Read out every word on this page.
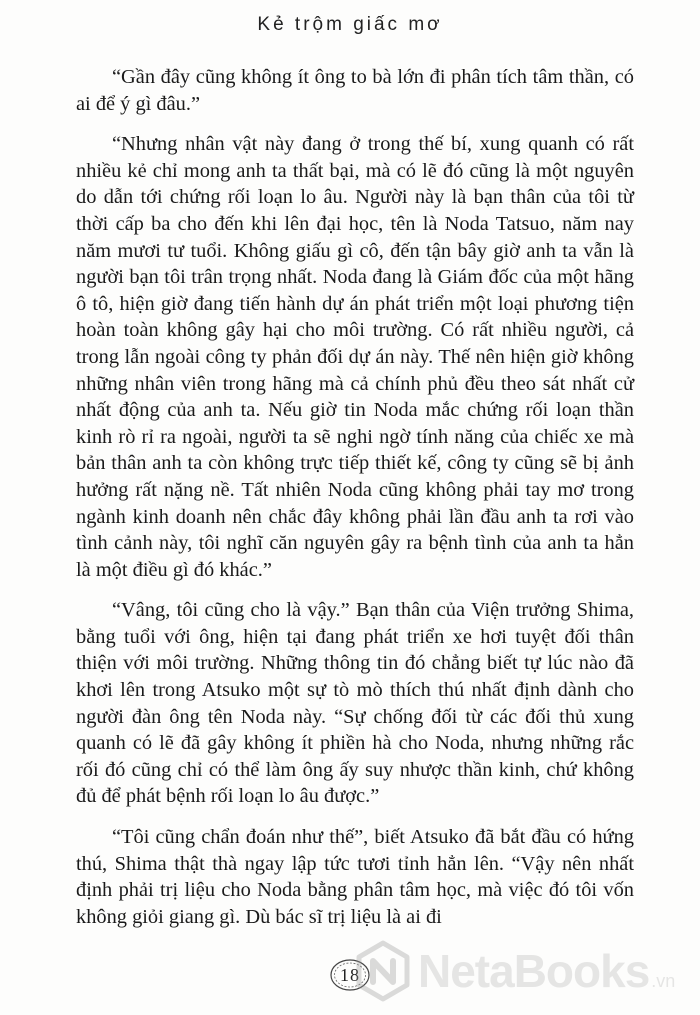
Kẻ trộm giấc mơ

“Gần đây cũng không ít ông to bà lớn đi phân tích tâm thần, có ai để ý gì đâu.”

“Nhưng nhân vật này đang ở trong thế bí, xung quanh có rất nhiều kẻ chỉ mong anh ta thất bại, mà có lẽ đó cũng là một nguyên do dẫn tới chứng rối loạn lo âu. Người này là bạn thân của tôi từ thời cấp ba cho đến khi lên đại học, tên là Noda Tatsuo, năm nay năm mươi tư tuổi. Không giấu gì cô, đến tận bây giờ anh ta vẫn là người bạn tôi trân trọng nhất. Noda đang là Giám đốc của một hãng ô tô, hiện giờ đang tiến hành dự án phát triển một loại phương tiện hoàn toàn không gây hại cho môi trường. Có rất nhiều người, cả trong lẫn ngoài công ty phản đối dự án này. Thế nên hiện giờ không những nhân viên trong hãng mà cả chính phủ đều theo sát nhất cử nhất động của anh ta. Nếu giờ tin Noda mắc chứng rối loạn thần kinh rò rỉ ra ngoài, người ta sẽ nghi ngờ tính năng của chiếc xe mà bản thân anh ta còn không trực tiếp thiết kế, công ty cũng sẽ bị ảnh hưởng rất nặng nề. Tất nhiên Noda cũng không phải tay mơ trong ngành kinh doanh nên chắc đây không phải lần đầu anh ta rơi vào tình cảnh này, tôi nghĩ căn nguyên gây ra bệnh tình của anh ta hẳn là một điều gì đó khác.”

“Vâng, tôi cũng cho là vậy.” Bạn thân của Viện trưởng Shima, bằng tuổi với ông, hiện tại đang phát triển xe hơi tuyệt đối thân thiện với môi trường. Những thông tin đó chẳng biết tự lúc nào đã khơi lên trong Atsuko một sự tò mò thích thú nhất định dành cho người đàn ông tên Noda này. “Sự chống đối từ các đối thủ xung quanh có lẽ đã gây không ít phiền hà cho Noda, nhưng những rắc rối đó cũng chỉ có thể làm ông ấy suy nhược thần kinh, chứ không đủ để phát bệnh rối loạn lo âu được.”

“Tôi cũng chẩn đoán như thế”, biết Atsuko đã bắt đầu có hứng thú, Shima thật thà ngay lập tức tươi tỉnh hẳn lên. “Vậy nên nhất định phải trị liệu cho Noda bằng phân tâm học, mà việc đó tôi vốn không giỏi giang gì. Dù bác sĩ trị liệu là ai đi

18 NetaBooks .vn
